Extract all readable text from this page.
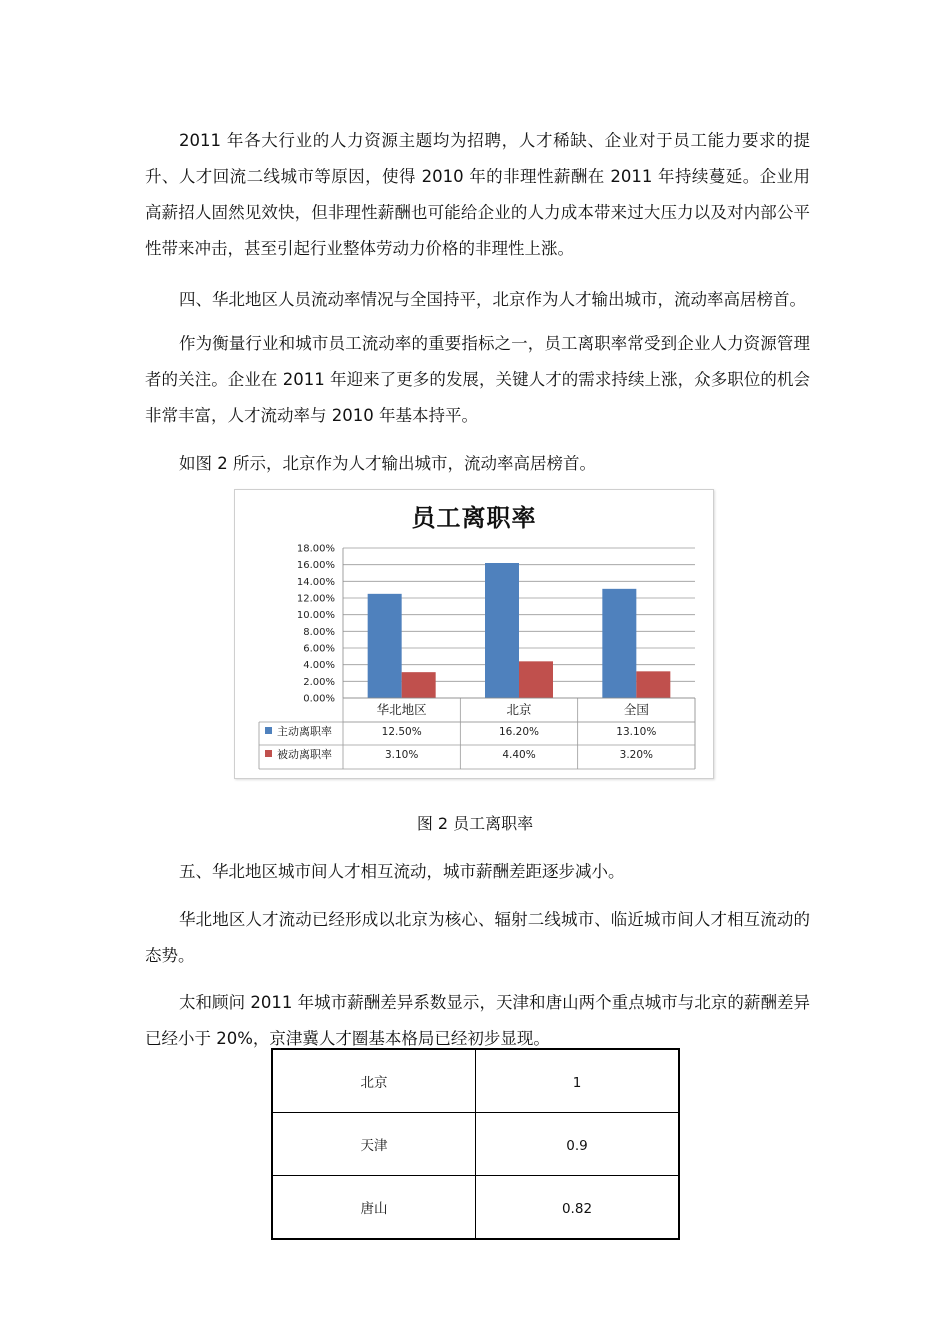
2011 年各大行业的人力资源主题均为招聘，人才稀缺、企业对于员工能力要求的提升、人才回流二线城市等原因，使得 2010 年的非理性薪酬在 2011 年持续蔓延。企业用高薪招人固然见效快，但非理性薪酬也可能给企业的人力成本带来过大压力以及对内部公平性带来冲击，甚至引起行业整体劳动力价格的非理性上涨。

四、华北地区人员流动率情况与全国持平，北京作为人才输出城市，流动率高居榜首。

作为衡量行业和城市员工流动率的重要指标之一，员工离职率常受到企业人力资源管理者的关注。企业在 2011 年迎来了更多的发展，关键人才的需求持续上涨，众多职位的机会非常丰富，人才流动率与 2010 年基本持平。

如图 2 所示，北京作为人才输出城市，流动率高居榜首。

员工离职率
0.00%
2.00%
4.00%
6.00%
8.00%
10.00%
12.00%
14.00%
16.00%
18.00%
华北地区	北京	全国
主动离职率	12.50%	16.20%	13.10%
被动离职率	3.10%	4.40%	3.20%

图 2 员工离职率

五、华北地区城市间人才相互流动，城市薪酬差距逐步减小。

华北地区人才流动已经形成以北京为核心、辐射二线城市、临近城市间人才相互流动的态势。

太和顾问 2011 年城市薪酬差异系数显示，天津和唐山两个重点城市与北京的薪酬差异已经小于 20%，京津冀人才圈基本格局已经初步显现。

北京	1
天津	0.9
唐山	0.82
